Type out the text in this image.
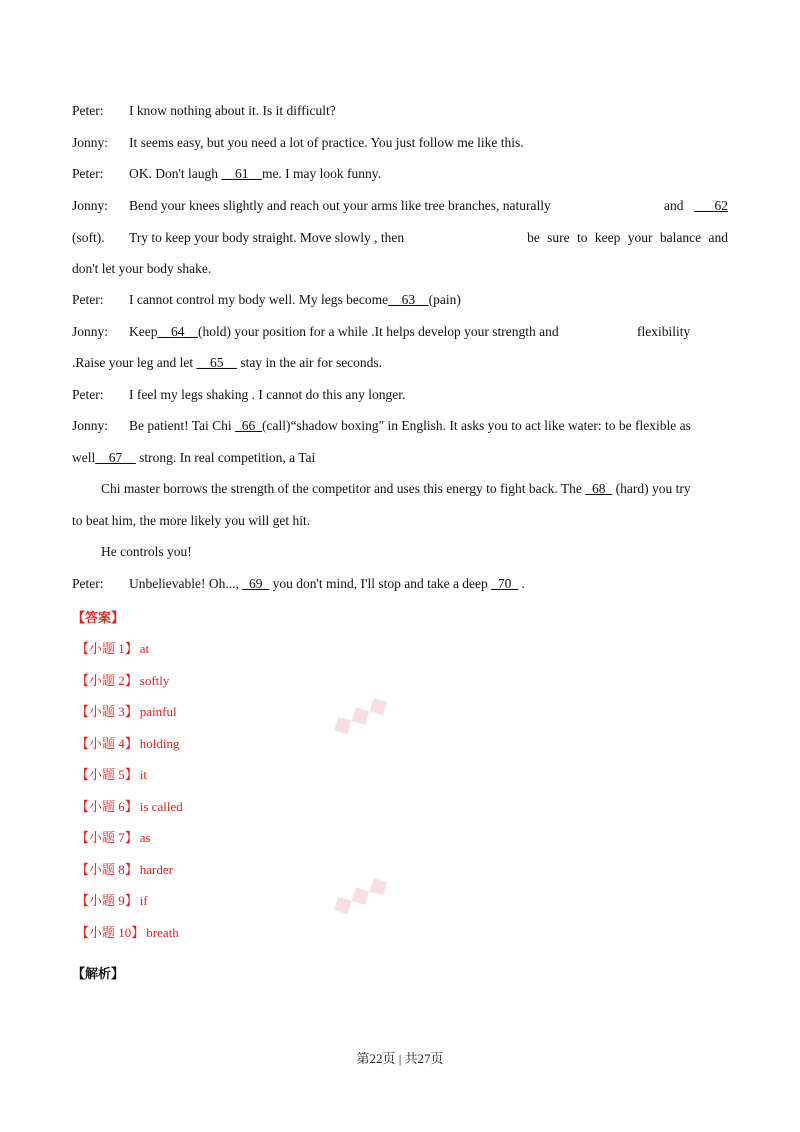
◆◆◆
◆◆◆
Peter: I know nothing about it. Is it difficult?
Jonny: It seems easy, but you need a lot of practice. You just follow me like this.
Peter: OK. Don't laugh __61__me. I may look funny.
Jonny: Bend your knees slightly and reach out your arms like tree branches, naturally	and ___62
(soft). Try to keep your body straight. Move slowly , then	be sure to keep your balance and
don't let your body shake.
Peter: I cannot control my body well. My legs become__63__(pain)
Jonny: Keep__64__(hold) your position for a while .It helps develop your strength and	flexibility
.Raise your leg and let __65__ stay in the air for seconds.
Peter: I feel my legs shaking . I cannot do this any longer.
Jonny: Be patient! Tai Chi _66_(call)“shadow boxing" in English. It asks you to act like water: to be flexible as
well__67__ strong. In real competition, a Tai
Chi master borrows the strength of the competitor and uses this energy to fight back. The _68_ (hard) you try
to beat him, the more likely you will get hit.
He controls you!
Peter: Unbelievable! Oh..., _69_ you don't mind, I'll stop and take a deep _70_ .
【答案】
【小题 1】 at
【小题 2】 softly
【小题 3】 painful
【小题 4】 holding
【小题 5】 it
【小题 6】 is called
【小题 7】 as
【小题 8】 harder
【小题 9】 if
【小题 10】 breath
【解析】
第22页 | 共27页
